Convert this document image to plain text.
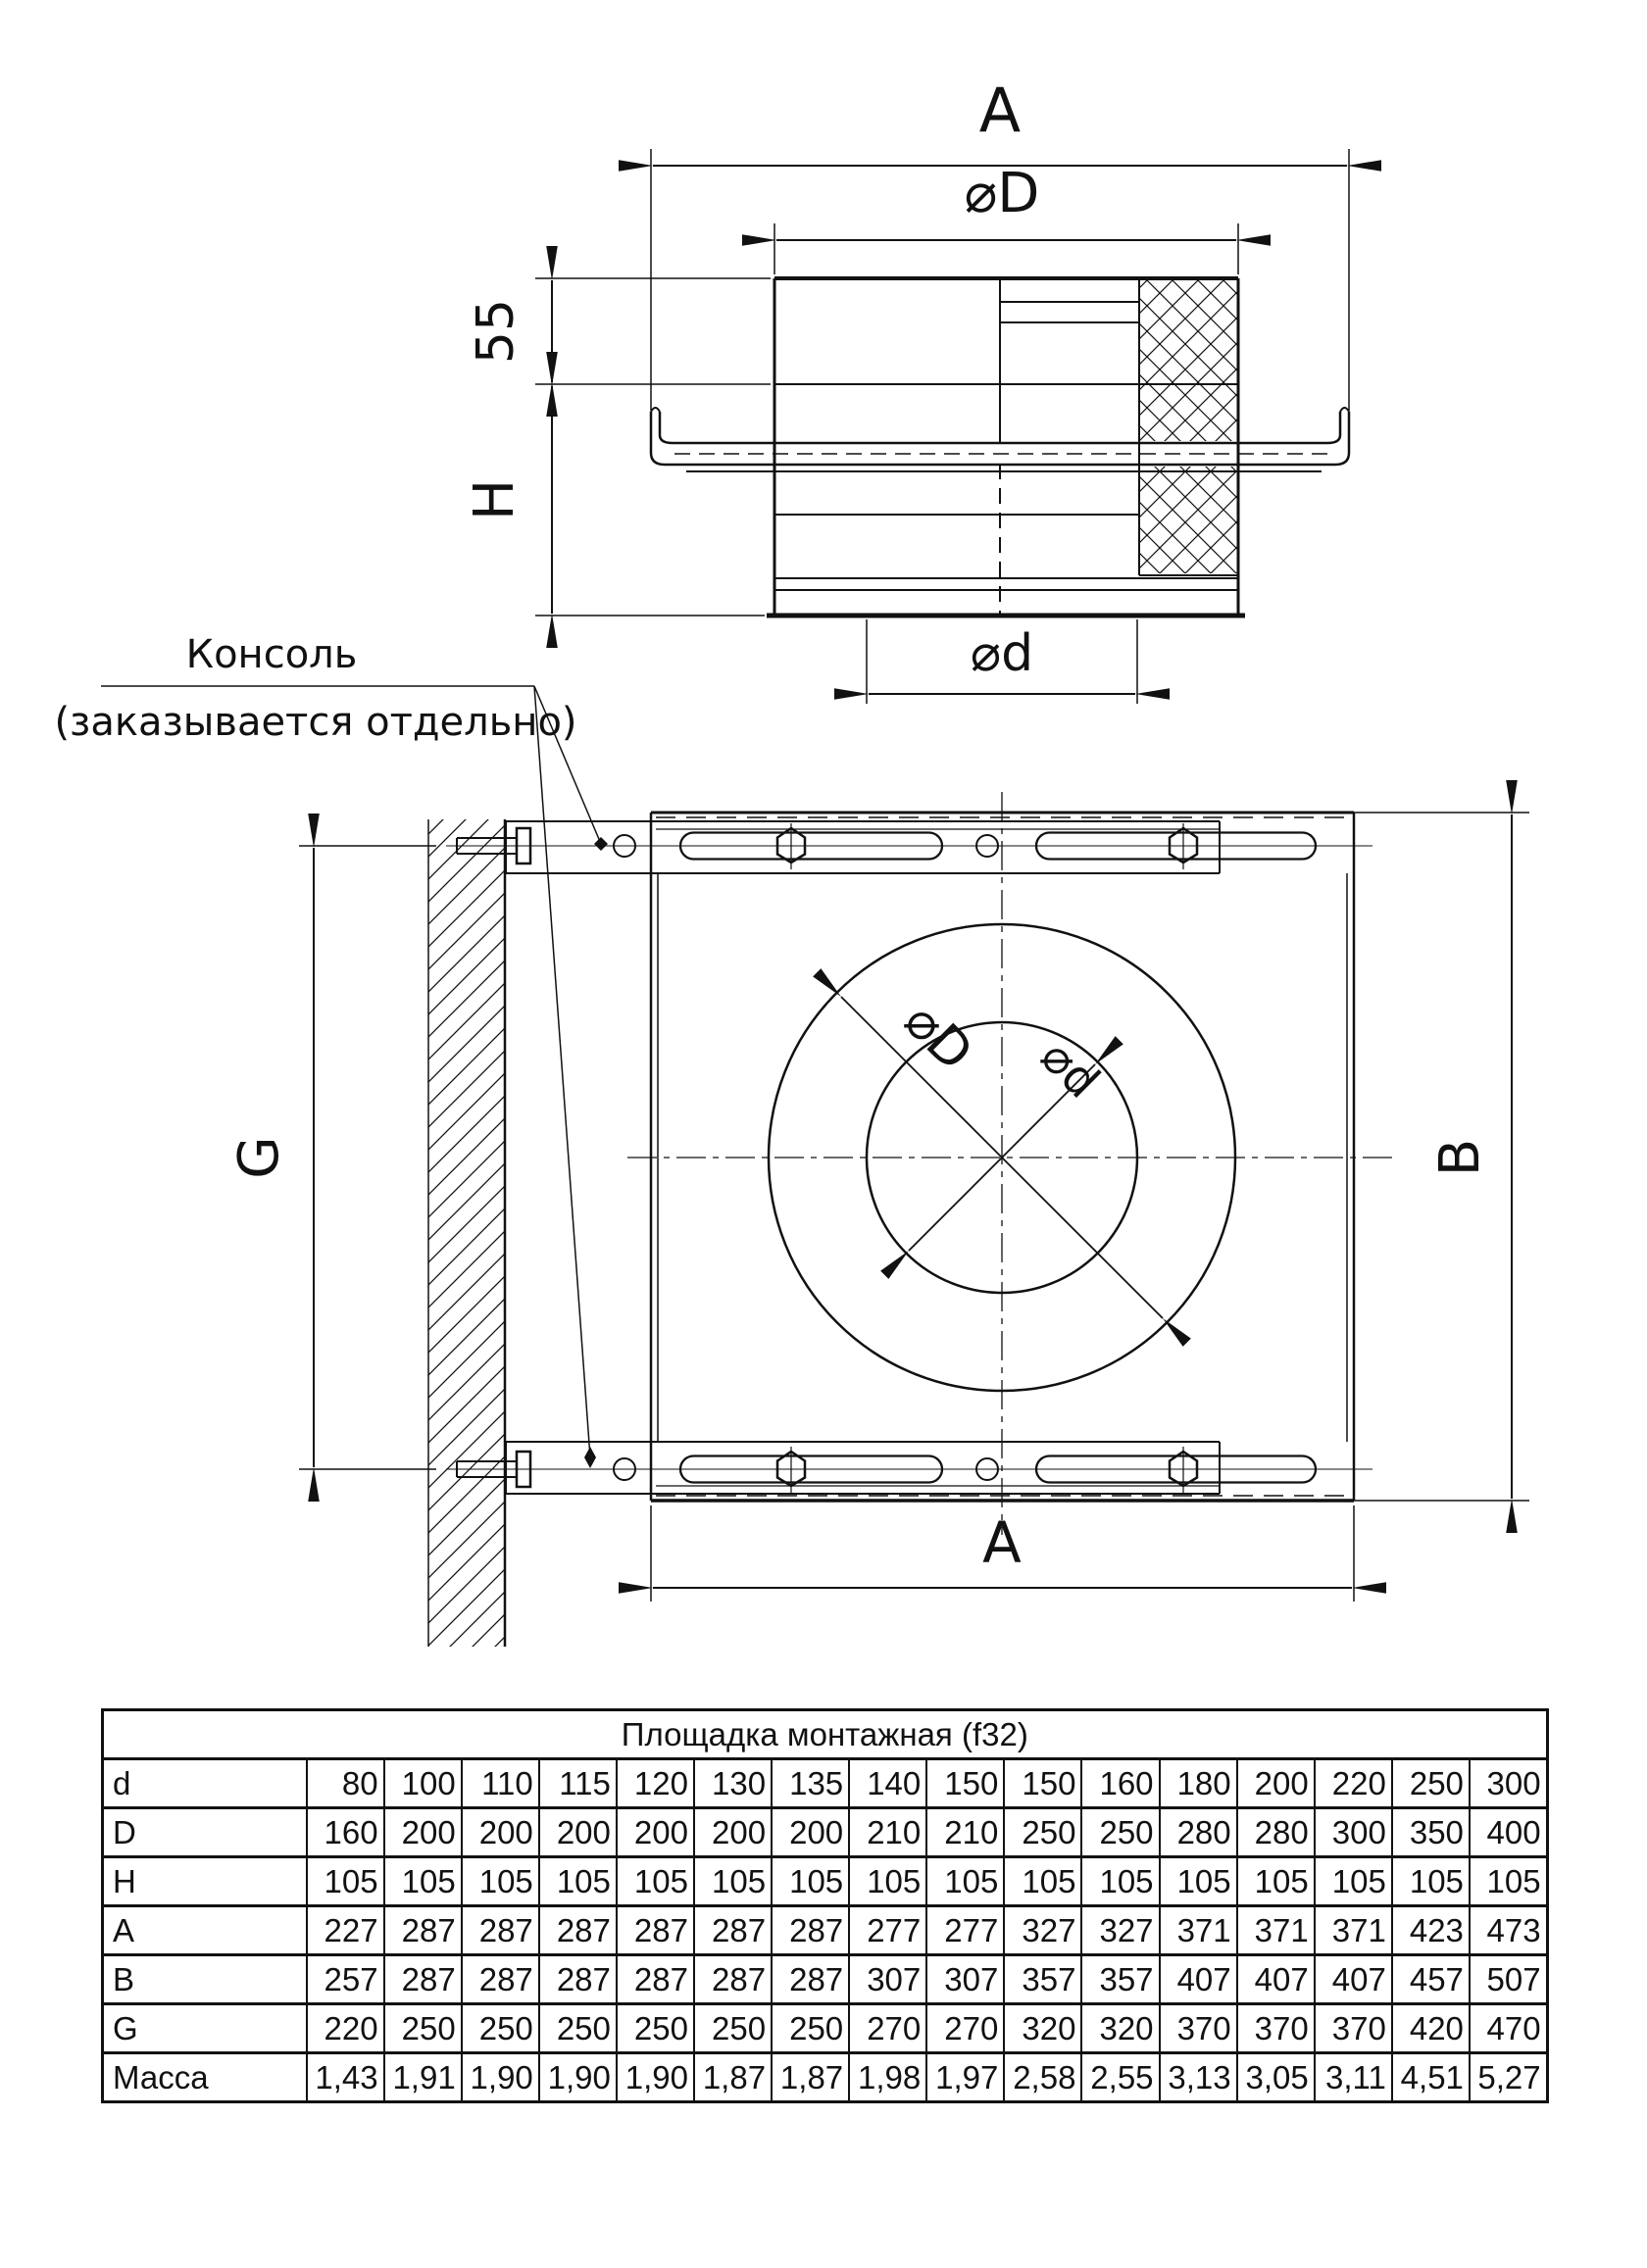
A
⌀D
55
H
⌀d
Консоль
(заказывается отдельно)
⌀D ⌀d
G	B
A
Площадка монтажная (f32)																
d	80	100	110	115	120	130	135	140	150	150	160	180	200	220	250	300
D	160	200	200	200	200	200	200	210	210	250	250	280	280	300	350	400
H	105	105	105	105	105	105	105	105	105	105	105	105	105	105	105	105
A	227	287	287	287	287	287	287	277	277	327	327	371	371	371	423	473
B	257	287	287	287	287	287	287	307	307	357	357	407	407	407	457	507
G	220	250	250	250	250	250	250	270	270	320	320	370	370	370	420	470
Масса	1,43	1,91	1,90	1,90	1,90	1,87	1,87	1,98	1,97	2,58	2,55	3,13	3,05	3,11	4,51	5,27
